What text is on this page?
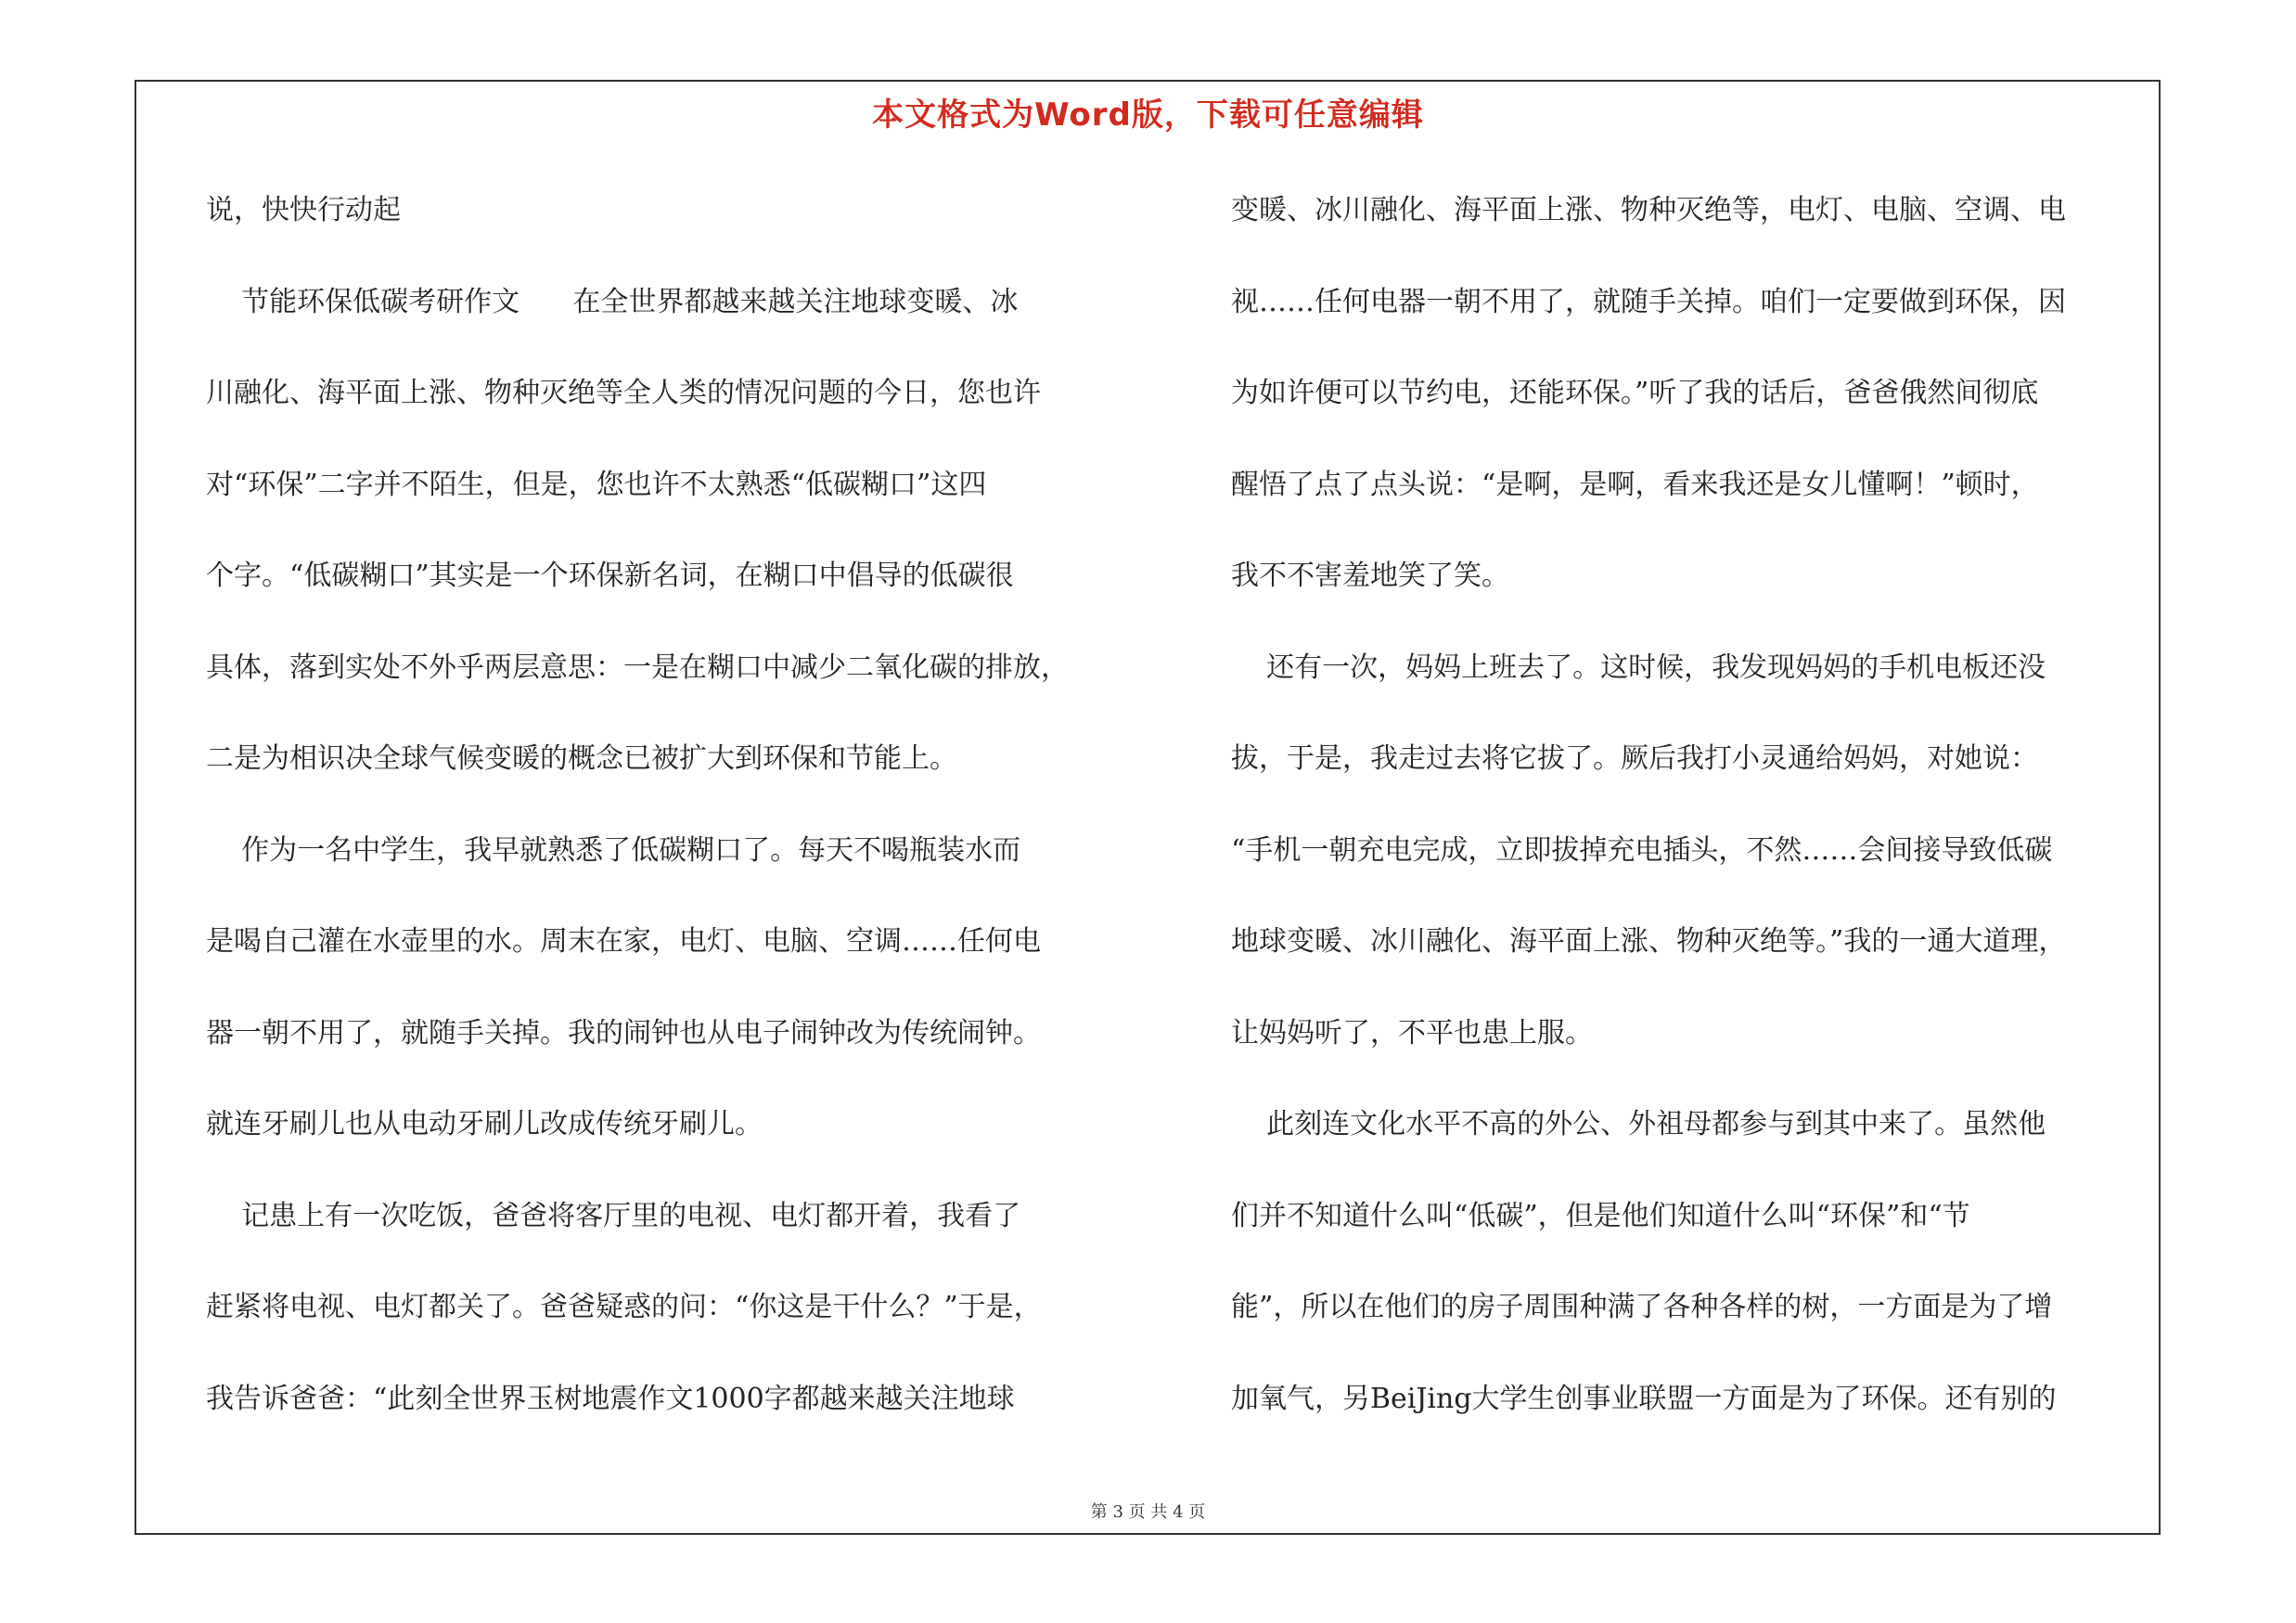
本文格式为Word版，下载可任意编辑
说，快快行动起
节能环保低碳考研作文      在全世界都越来越关注地球变暖、冰
川融化、海平面上涨、物种灭绝等全人类的情况问题的今日，您也许
对“环保”二字并不陌生，但是，您也许不太熟悉“低碳糊口”这四
个字。“低碳糊口”其实是一个环保新名词，在糊口中倡导的低碳很
具体，落到实处不外乎两层意思：一是在糊口中减少二氧化碳的排放，
二是为相识决全球气候变暖的概念已被扩大到环保和节能上。
作为一名中学生，我早就熟悉了低碳糊口了。每天不喝瓶装水而
是喝自己灌在水壶里的水。周末在家，电灯、电脑、空调……任何电
器一朝不用了，就随手关掉。我的闹钟也从电子闹钟改为传统闹钟。
就连牙刷儿也从电动牙刷儿改成传统牙刷儿。
记患上有一次吃饭，爸爸将客厅里的电视、电灯都开着，我看了
赶紧将电视、电灯都关了。爸爸疑惑的问：“你这是干什么？”于是，
我告诉爸爸：“此刻全世界玉树地震作文1000字都越来越关注地球
变暖、冰川融化、海平面上涨、物种灭绝等，电灯、电脑、空调、电
视……任何电器一朝不用了，就随手关掉。咱们一定要做到环保，因
为如许便可以节约电，还能环保。”听了我的话后，爸爸俄然间彻底
醒悟了点了点头说：“是啊，是啊，看来我还是女儿懂啊！”顿时，
我不不害羞地笑了笑。
还有一次，妈妈上班去了。这时候，我发现妈妈的手机电板还没
拔，于是，我走过去将它拔了。厥后我打小灵通给妈妈，对她说：
“手机一朝充电完成，立即拔掉充电插头，不然……会间接导致低碳
地球变暖、冰川融化、海平面上涨、物种灭绝等。”我的一通大道理，
让妈妈听了，不平也患上服。
此刻连文化水平不高的外公、外祖母都参与到其中来了。虽然他
们并不知道什么叫“低碳”，但是他们知道什么叫“环保”和“节
能”，所以在他们的房子周围种满了各种各样的树，一方面是为了增
加氧气，另BeiJing大学生创事业联盟一方面是为了环保。还有别的
第 3 页 共 4 页
